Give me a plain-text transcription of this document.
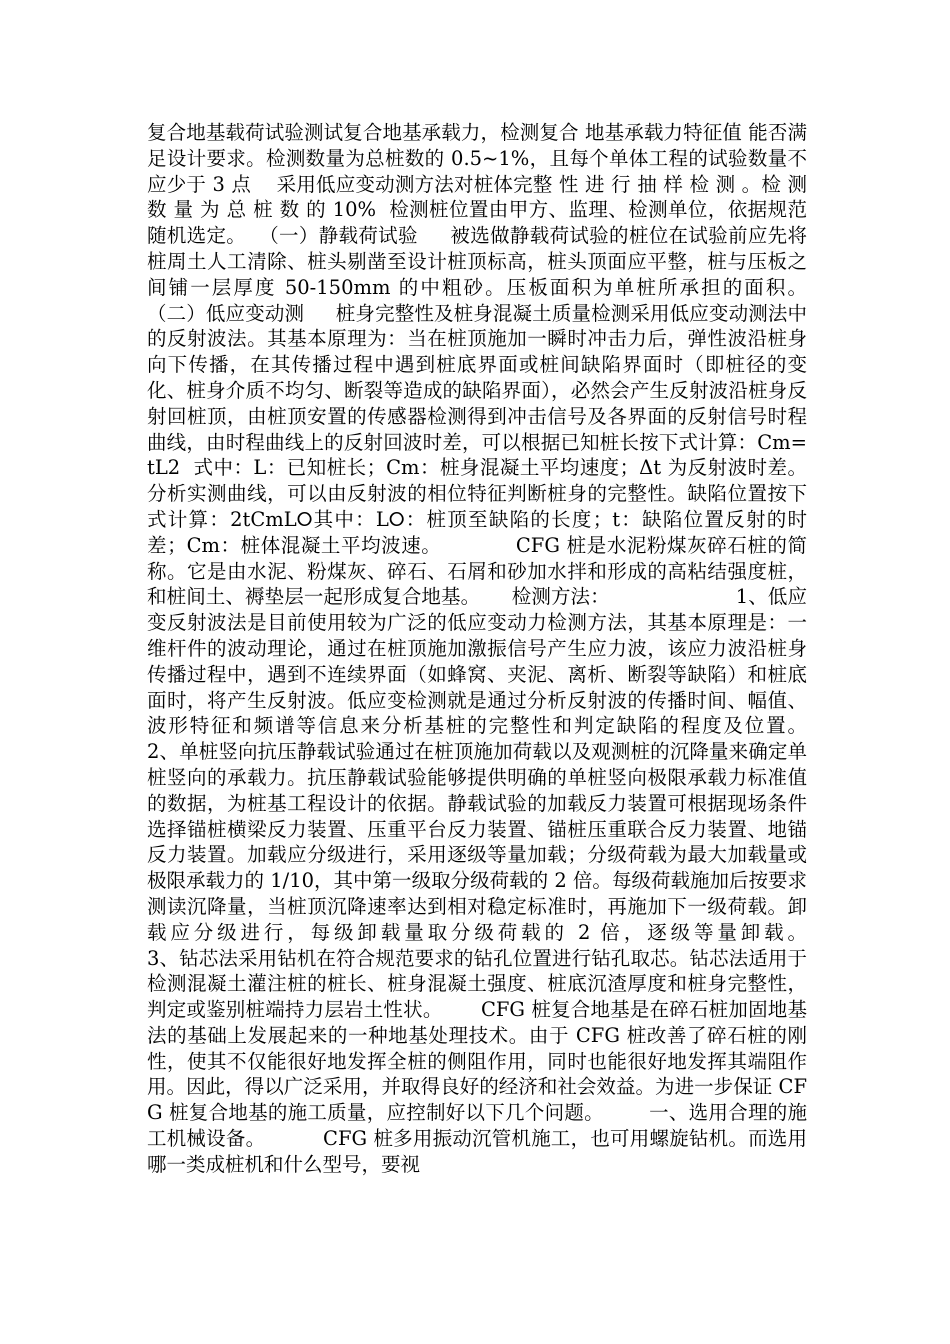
复合地基载荷试验测试复合地基承载力，检测复合 地基承载力特征值 能否满足设计要求。检测数量为总桩数的 0.5~1%，且每个单体工程的试验数量不应少于 3 点    采用低应变动测方法对桩体完整 性 进 行 抽 样 检 测 。检 测 数 量 为 总 桩 数 的 10%  检测桩位置由甲方、监理、检测单位，依据规范随机选定。  （一）静载荷试验     被选做静载荷试验的桩位在试验前应先将桩周土人工清除、桩头剔凿至设计桩顶标高，桩头顶面应平整，桩与压板之间铺一层厚度 50-150mm 的中粗砂。压板面积为单桩所承担的面积。 （二）低应变动测     桩身完整性及桩身混凝土质量检测采用低应变动测法中的反射波法。其基本原理为：当在桩顶施加一瞬时冲击力后，弹性波沿桩身向下传播，在其传播过程中遇到桩底界面或桩间缺陷界面时（即桩径的变化、桩身介质不均匀、断裂等造成的缺陷界面），必然会产生反射波沿桩身反射回桩顶，由桩顶安置的传感器检测得到冲击信号及各界面的反射信号时程曲线，由时程曲线上的反射回波时差，可以根据已知桩长按下式计算：Cm=tL2  式中：L：已知桩长；Cm：桩身混凝土平均速度；Δt 为反射波时差。分析实测曲线，可以由反射波的相位特征判断桩身的完整性。缺陷位置按下式计算：2tCmL⭘其中：L⭘：桩顶至缺陷的长度；t：缺陷位置反射的时差；Cm：桩体混凝土平均波速。           CFG 桩是水泥粉煤灰碎石桩的简称。它是由水泥、粉煤灰、碎石、石屑和砂加水拌和形成的高粘结强度桩，和桩间土、褥垫层一起形成复合地基。     检测方法：                    1、低应变反射波法是目前使用较为广泛的低应变动力检测方法，其基本原理是：一维杆件的波动理论，通过在桩顶施加激振信号产生应力波，该应力波沿桩身传播过程中，遇到不连续界面（如蜂窝、夹泥、离析、断裂等缺陷）和桩底面时，将产生反射波。低应变检测就是通过分析反射波的传播时间、幅值、波形特征和频谱等信息来分析基桩的完整性和判定缺陷的程度及位置。               2、单桩竖向抗压静载试验通过在桩顶施加荷载以及观测桩的沉降量来确定单桩竖向的承载力。抗压静载试验能够提供明确的单桩竖向极限承载力标准值的数据，为桩基工程设计的依据。静载试验的加载反力装置可根据现场条件选择锚桩横梁反力装置、压重平台反力装置、锚桩压重联合反力装置、地锚反力装置。加载应分级进行，采用逐级等量加载；分级荷载为最大加载量或极限承载力的 1/10，其中第一级取分级荷载的 2 倍。每级荷载施加后按要求测读沉降量，当桩顶沉降速率达到相对稳定标准时，再施加下一级荷载。卸载应分级进行，每级卸载量取分级荷载的 2 倍，逐级等量卸载。               3、钻芯法采用钻机在符合规范要求的钻孔位置进行钻孔取芯。钻芯法适用于检测混凝土灌注桩的桩长、桩身混凝土强度、桩底沉渣厚度和桩身完整性，判定或鉴别桩端持力层岩土性状。      CFG 桩复合地基是在碎石桩加固地基法的基础上发展起来的一种地基处理技术。由于 CFG 桩改善了碎石桩的刚性，使其不仅能很好地发挥全桩的侧阻作用，同时也能很好地发挥其端阻作用。因此，得以广泛采用，并取得良好的经济和社会效益。为进一步保证 CFG 桩复合地基的施工质量，应控制好以下几个问题。       一、选用合理的施工机械设备。         CFG 桩多用振动沉管机施工，也可用螺旋钻机。而选用哪一类成桩机和什么型号，要视
